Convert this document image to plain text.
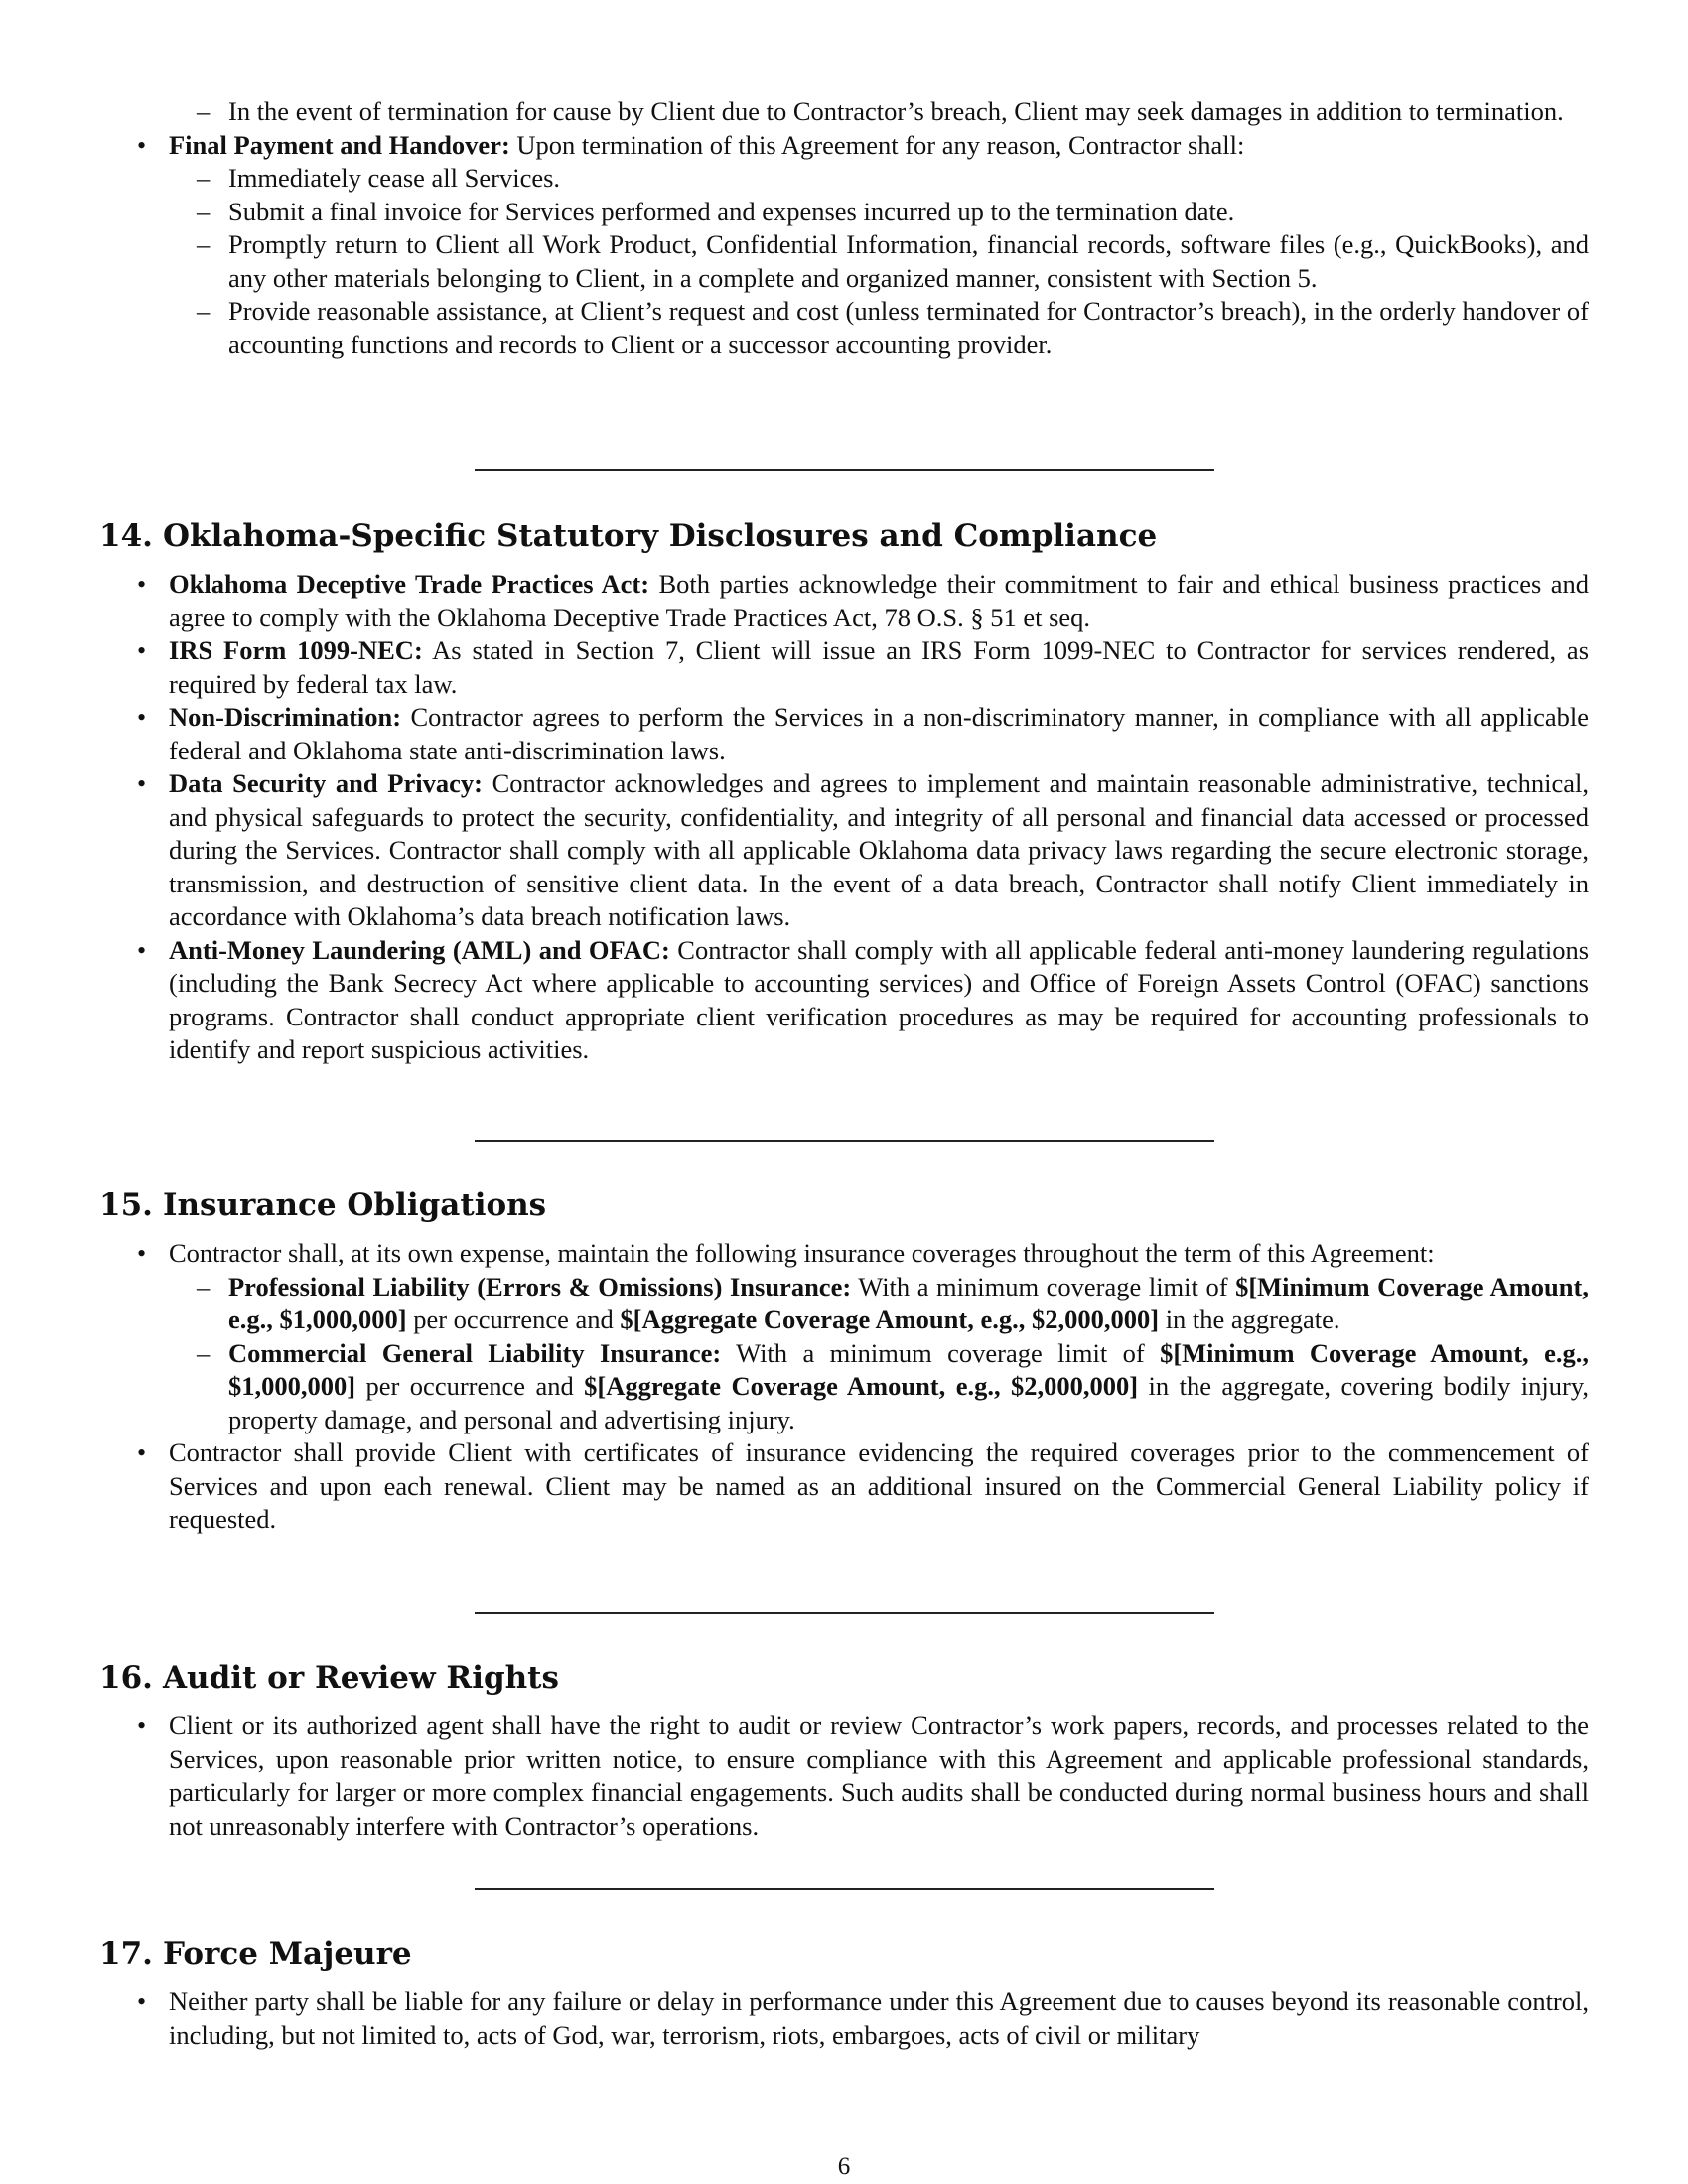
– In the event of termination for cause by Client due to Contractor’s breach, Client may seek damages in addition to termination.
• Final Payment and Handover: Upon termination of this Agreement for any reason, Contractor shall:
– Immediately cease all Services.
– Submit a final invoice for Services performed and expenses incurred up to the termination date.
– Promptly return to Client all Work Product, Confidential Information, financial records, software files (e.g., QuickBooks), and any other materials belonging to Client, in a complete and organized manner, consistent with Section 5.
– Provide reasonable assistance, at Client’s request and cost (unless terminated for Contractor’s breach), in the orderly handover of accounting functions and records to Client or a successor accounting provider.
14. Oklahoma-Specific Statutory Disclosures and Compliance
• Oklahoma Deceptive Trade Practices Act: Both parties acknowledge their commitment to fair and ethical business practices and agree to comply with the Oklahoma Deceptive Trade Practices Act, 78 O.S. § 51 et seq.
• IRS Form 1099-NEC: As stated in Section 7, Client will issue an IRS Form 1099-NEC to Contractor for services rendered, as required by federal tax law.
• Non-Discrimination: Contractor agrees to perform the Services in a non-discriminatory manner, in compliance with all applicable federal and Oklahoma state anti-discrimination laws.
• Data Security and Privacy: Contractor acknowledges and agrees to implement and maintain reasonable administrative, technical, and physical safeguards to protect the security, confidentiality, and integrity of all personal and financial data accessed or processed during the Services. Contractor shall comply with all applicable Oklahoma data privacy laws regarding the secure electronic storage, transmission, and destruction of sensitive client data. In the event of a data breach, Contractor shall notify Client immediately in accordance with Oklahoma’s data breach notification laws.
• Anti-Money Laundering (AML) and OFAC: Contractor shall comply with all applicable federal anti-money laundering regulations (including the Bank Secrecy Act where applicable to accounting services) and Office of Foreign Assets Control (OFAC) sanctions programs. Contractor shall conduct appropriate client verification procedures as may be required for accounting professionals to identify and report suspicious activities.
15. Insurance Obligations
• Contractor shall, at its own expense, maintain the following insurance coverages throughout the term of this Agreement:
– Professional Liability (Errors & Omissions) Insurance: With a minimum coverage limit of $[Minimum Coverage Amount, e.g., $1,000,000] per occurrence and $[Aggregate Coverage Amount, e.g., $2,000,000] in the aggregate.
– Commercial General Liability Insurance: With a minimum coverage limit of $[Minimum Coverage Amount, e.g., $1,000,000] per occurrence and $[Aggregate Coverage Amount, e.g., $2,000,000] in the aggregate, covering bodily injury, property damage, and personal and advertising injury.
• Contractor shall provide Client with certificates of insurance evidencing the required coverages prior to the commencement of Services and upon each renewal. Client may be named as an additional insured on the Commercial General Liability policy if requested.
16. Audit or Review Rights
• Client or its authorized agent shall have the right to audit or review Contractor’s work papers, records, and processes related to the Services, upon reasonable prior written notice, to ensure compliance with this Agreement and applicable professional standards, particularly for larger or more complex financial engagements. Such audits shall be conducted during normal business hours and shall not unreasonably interfere with Contractor’s operations.
17. Force Majeure
• Neither party shall be liable for any failure or delay in performance under this Agreement due to causes beyond its reasonable control, including, but not limited to, acts of God, war, terrorism, riots, embargoes, acts of civil or military
6
